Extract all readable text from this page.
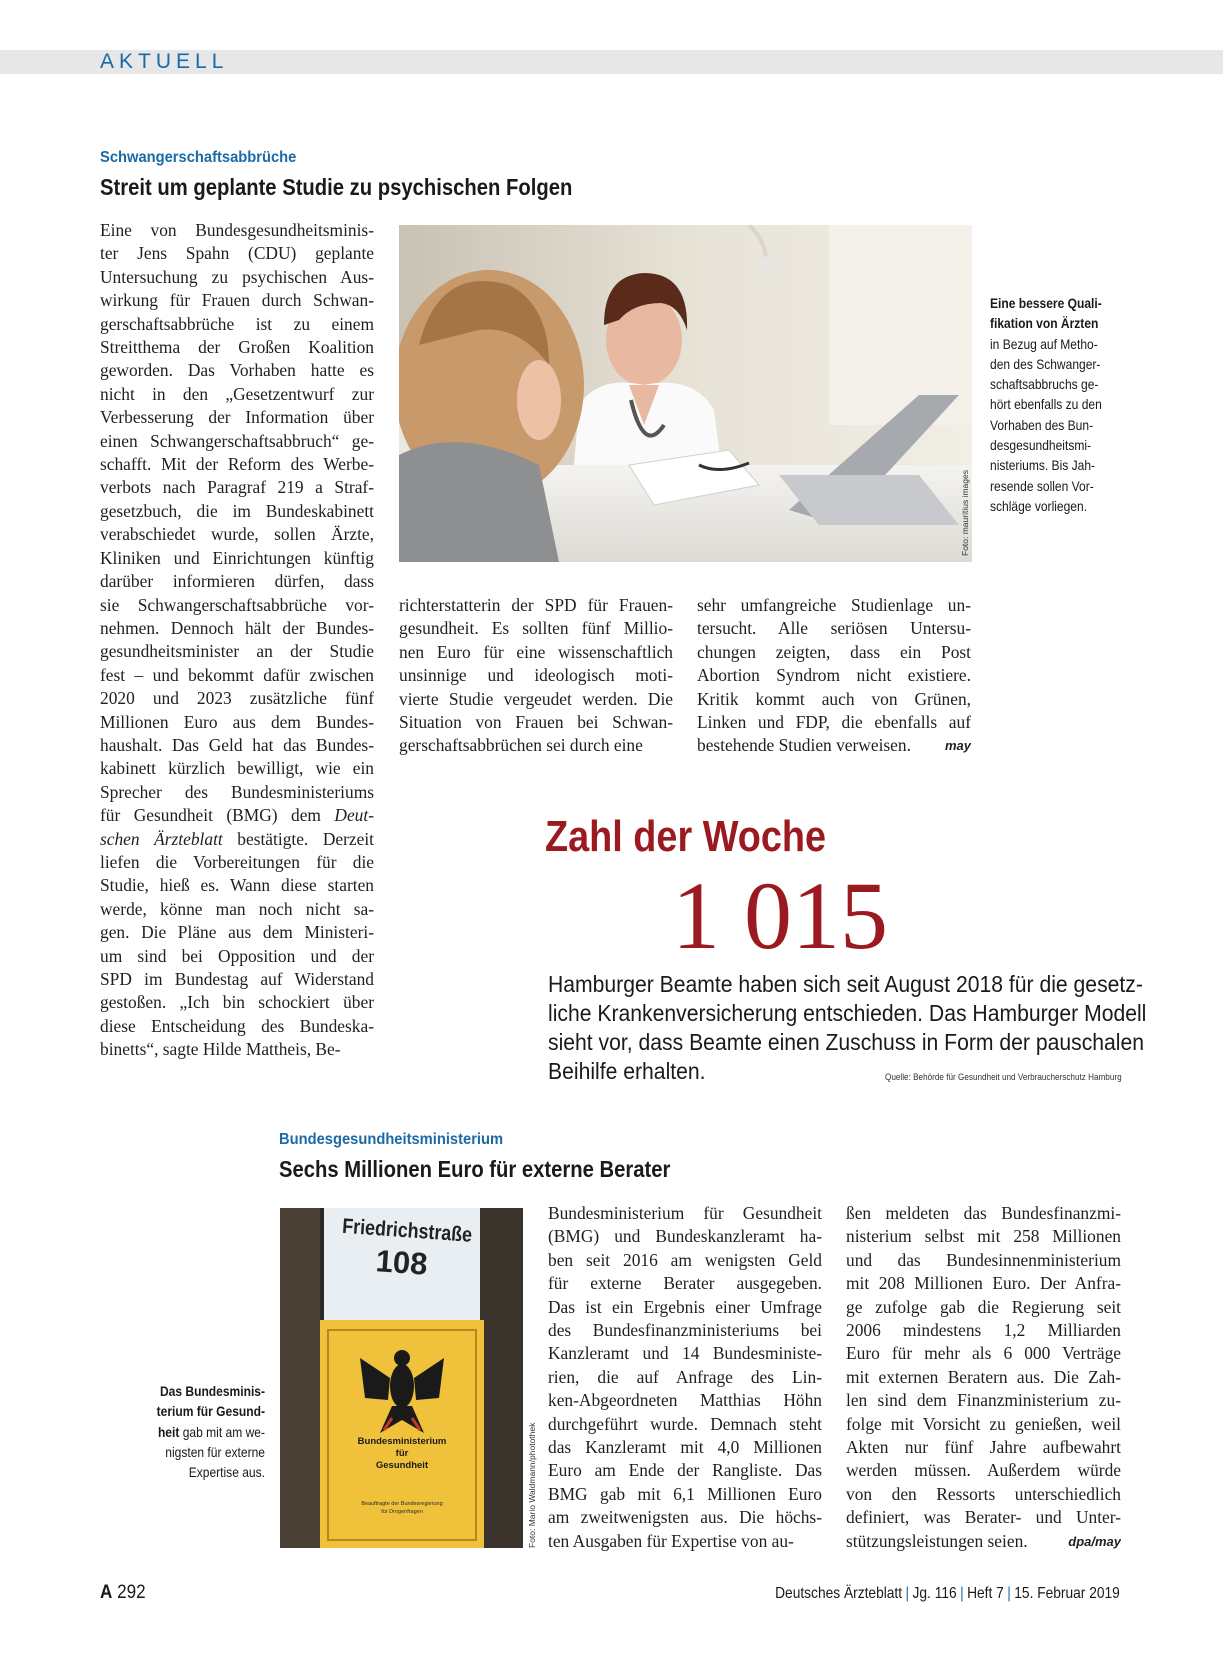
AKTUELL
Schwangerschaftsabbrüche
Streit um geplante Studie zu psychischen Folgen
Eine von Bundesgesundheitsminis-
ter Jens Spahn (CDU) geplante
Untersuchung zu psychischen Aus-
wirkung für Frauen durch Schwan-
gerschaftsabbrüche ist zu einem
Streitthema der Großen Koalition
geworden. Das Vorhaben hatte es
nicht in den „Gesetzentwurf zur
Verbesserung der Information über
einen Schwangerschaftsabbruch“ ge-
schafft. Mit der Reform des Werbe-
verbots nach Paragraf 219 a Straf-
gesetzbuch, die im Bundeskabinett
verabschiedet wurde, sollen Ärzte,
Kliniken und Einrichtungen künftig
darüber informieren dürfen, dass
sie Schwangerschaftsabbrüche vor-
nehmen. Dennoch hält der Bundes-
gesundheitsminister an der Studie
fest – und bekommt dafür zwischen
2020 und 2023 zusätzliche fünf
Millionen Euro aus dem Bundes-
haushalt. Das Geld hat das Bundes-
kabinett kürzlich bewilligt, wie ein
Sprecher des Bundesministeriums
für Gesundheit (BMG) dem Deut-
schen Ärzteblatt bestätigte. Derzeit
liefen die Vorbereitungen für die
Studie, hieß es. Wann diese starten
werde, könne man noch nicht sa-
gen. Die Pläne aus dem Ministeri-
um sind bei Opposition und der
SPD im Bundestag auf Widerstand
gestoßen. „Ich bin schockiert über
diese Entscheidung des Bundeska-
binetts“, sagte Hilde Mattheis, Be-
Foto: mauritius images
Eine bessere Quali-
fikation von Ärzten
in Bezug auf Metho-
den des Schwanger-
schaftsabbruchs ge-
hört ebenfalls zu den
Vorhaben des Bun-
desgesundheitsmi-
nisteriums. Bis Jah-
resende sollen Vor-
schläge vorliegen.
richterstatterin der SPD für Frauen-
gesundheit. Es sollten fünf Millio-
nen Euro für eine wissenschaftlich
unsinnige und ideologisch moti-
vierte Studie vergeudet werden. Die
Situation von Frauen bei Schwan-
gerschaftsabbrüchen sei durch eine
sehr umfangreiche Studienlage un-
tersucht. Alle seriösen Untersu-
chungen zeigten, dass ein Post
Abortion Syndrom nicht existiere.
Kritik kommt auch von Grünen,
Linken und FDP, die ebenfalls auf
bestehende Studien verweisen.	may
Zahl der Woche
1 015
Hamburger Beamte haben sich seit August 2018 für die gesetz-
liche Krankenversicherung entschieden. Das Hamburger Modell
sieht vor, dass Beamte einen Zuschuss in Form der pauschalen
Beihilfe erhalten.	Quelle: Behörde für Gesundheit und Verbraucherschutz Hamburg
Bundesgesundheitsministerium
Sechs Millionen Euro für externe Berater
Das Bundesminis-
terium für Gesund-
heit gab mit am we-
nigsten für externe
Expertise aus.
Friedrichstraße
108
Bundesministerium
für
Gesundheit
Beauftragte der Bundesregierung
für Drogenfragen	Foto: Mario Waldmann/photothek
Bundesministerium für Gesundheit
(BMG) und Bundeskanzleramt ha-
ben seit 2016 am wenigsten Geld
für externe Berater ausgegeben.
Das ist ein Ergebnis einer Umfrage
des Bundesfinanzministeriums bei
Kanzleramt und 14 Bundesministe-
rien, die auf Anfrage des Lin-
ken-Abgeordneten Matthias Höhn
durchgeführt wurde. Demnach steht
das Kanzleramt mit 4,0 Millionen
Euro am Ende der Rangliste. Das
BMG gab mit 6,1 Millionen Euro
am zweitwenigsten aus. Die höchs-
ten Ausgaben für Expertise von au-
ßen meldeten das Bundesfinanzmi-
nisterium selbst mit 258 Millionen
und das Bundesinnenministerium
mit 208 Millionen Euro. Der Anfra-
ge zufolge gab die Regierung seit
2006 mindestens 1,2 Milliarden
Euro für mehr als 6 000 Verträge
mit externen Beratern aus. Die Zah-
len sind dem Finanzministerium zu-
folge mit Vorsicht zu genießen, weil
Akten nur fünf Jahre aufbewahrt
werden müssen. Außerdem würde
von den Ressorts unterschiedlich
definiert, was Berater- und Unter-
stützungsleistungen seien.	dpa/may
A 292	Deutsches Ärzteblatt | Jg. 116 | Heft 7 | 15. Februar 2019
